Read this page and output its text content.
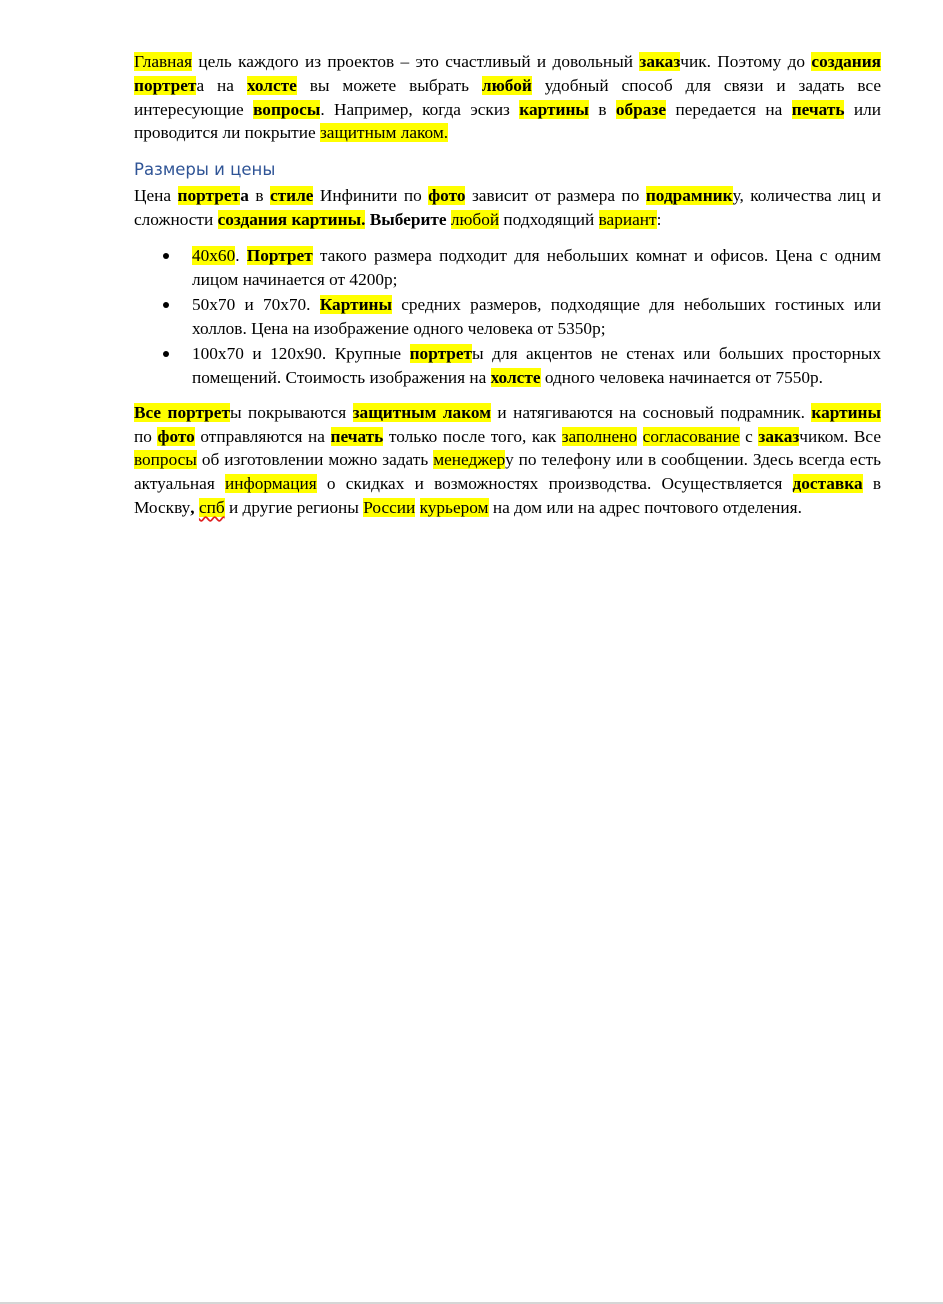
Главная цель каждого из проектов – это счастливый и довольный заказчик. Поэтому до создания портрета на холсте вы можете выбрать любой удобный способ для связи и задать все интересующие вопросы. Например, когда эскиз картины в образе передается на печать или проводится ли покрытие защитным лаком.

Размеры и цены

Цена портрета в стиле Инфинити по фото зависит от размера по подрамнику, количества лиц и сложности создания картины. Выберите любой подходящий вариант:

40х60. Портрет такого размера подходит для небольших комнат и офисов. Цена с одним лицом начинается от 4200р;
50х70 и 70х70. Картины средних размеров, подходящие для небольших гостиных или холлов. Цена на изображение одного человека от 5350р;
100х70 и 120х90. Крупные портреты для акцентов не стенах или больших просторных помещений. Стоимость изображения на холсте одного человека начинается от 7550р.

Все портреты покрываются защитным лаком и натягиваются на сосновый подрамник. картины по фото отправляются на печать только после того, как заполнено согласование с заказчиком. Все вопросы об изготовлении можно задать менеджеру по телефону или в сообщении. Здесь всегда есть актуальная информация о скидках и возможностях производства. Осуществляется доставка в Москву, спб и другие регионы России курьером на дом или на адрес почтового отделения.
